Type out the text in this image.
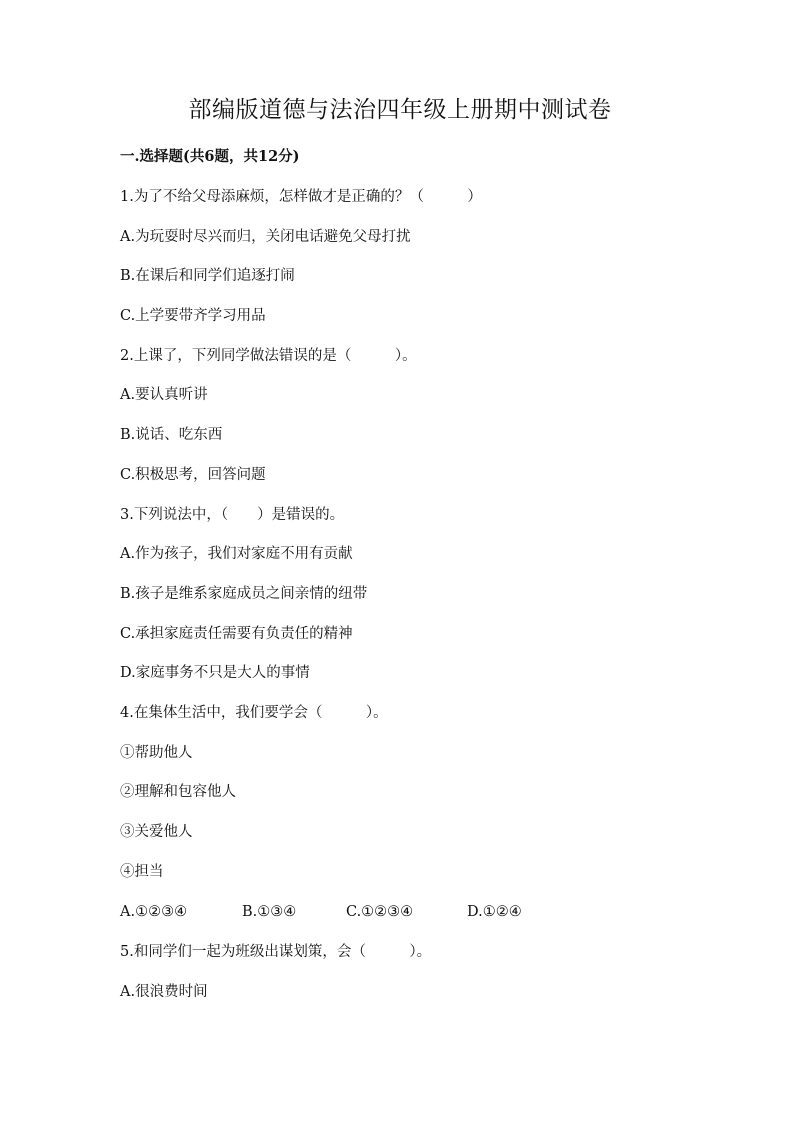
部编版道德与法治四年级上册期中测试卷
一.选择题(共6题，共12分)
1.为了不给父母添麻烦，怎样做才是正确的？（　　　）
A.为玩耍时尽兴而归，关闭电话避免父母打扰
B.在课后和同学们追逐打闹
C.上学要带齐学习用品
2.上课了，下列同学做法错误的是（　　　）。
A.要认真听讲
B.说话、吃东西
C.积极思考，回答问题
3.下列说法中，（　　）是错误的。
A.作为孩子，我们对家庭不用有贡献
B.孩子是维系家庭成员之间亲情的纽带
C.承担家庭责任需要有负责任的精神
D.家庭事务不只是大人的事情
4.在集体生活中，我们要学会（　　　）。
①帮助他人
②理解和包容他人
③关爱他人
④担当
A.①②③④	B.①③④	C.①②③④	D.①②④
5.和同学们一起为班级出谋划策，会（　　　）。
A.很浪费时间
